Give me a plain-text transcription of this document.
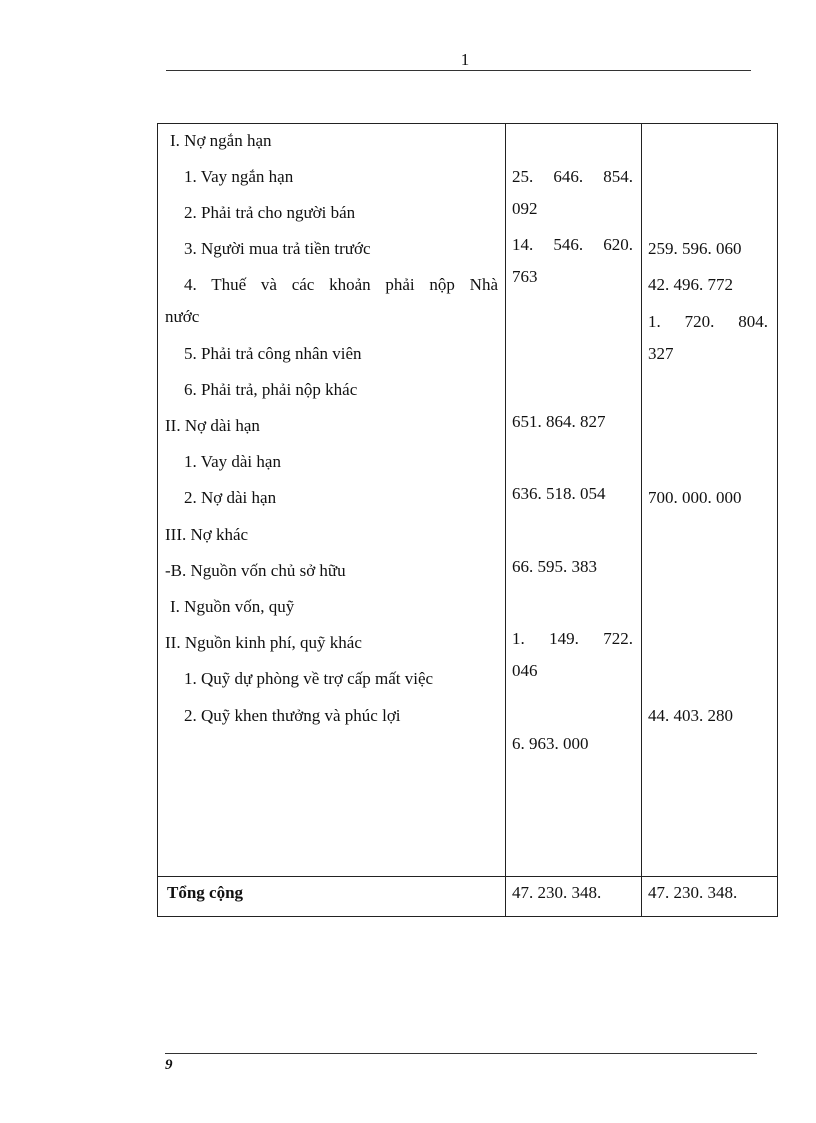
1
I. Nợ ngắn hạn
1. Vay ngắn hạn
2. Phải trả cho người bán
3. Người mua trả tiền trước
4. Thuế và các khoản phải nộp Nhà
nước
5. Phải trả công nhân viên
6. Phải trả, phải nộp khác
II. Nợ dài hạn
1. Vay dài hạn
2. Nợ dài hạn
III. Nợ khác
-B. Nguồn vốn chủ sở hữu
I. Nguồn vốn, quỹ
II. Nguồn kinh phí, quỹ khác
1. Quỹ dự phòng về trợ cấp mất việc
2. Quỹ khen thưởng và phúc lợi
25. 646. 854.
092
14. 546. 620.
763
651. 864. 827
636. 518. 054
66. 595. 383
1. 149. 722.
046
6. 963. 000
259. 596. 060
42. 496. 772
1. 720. 804.
327
700. 000. 000
44. 403. 280
Tổng cộng	47. 230. 348.	47. 230. 348.
9
